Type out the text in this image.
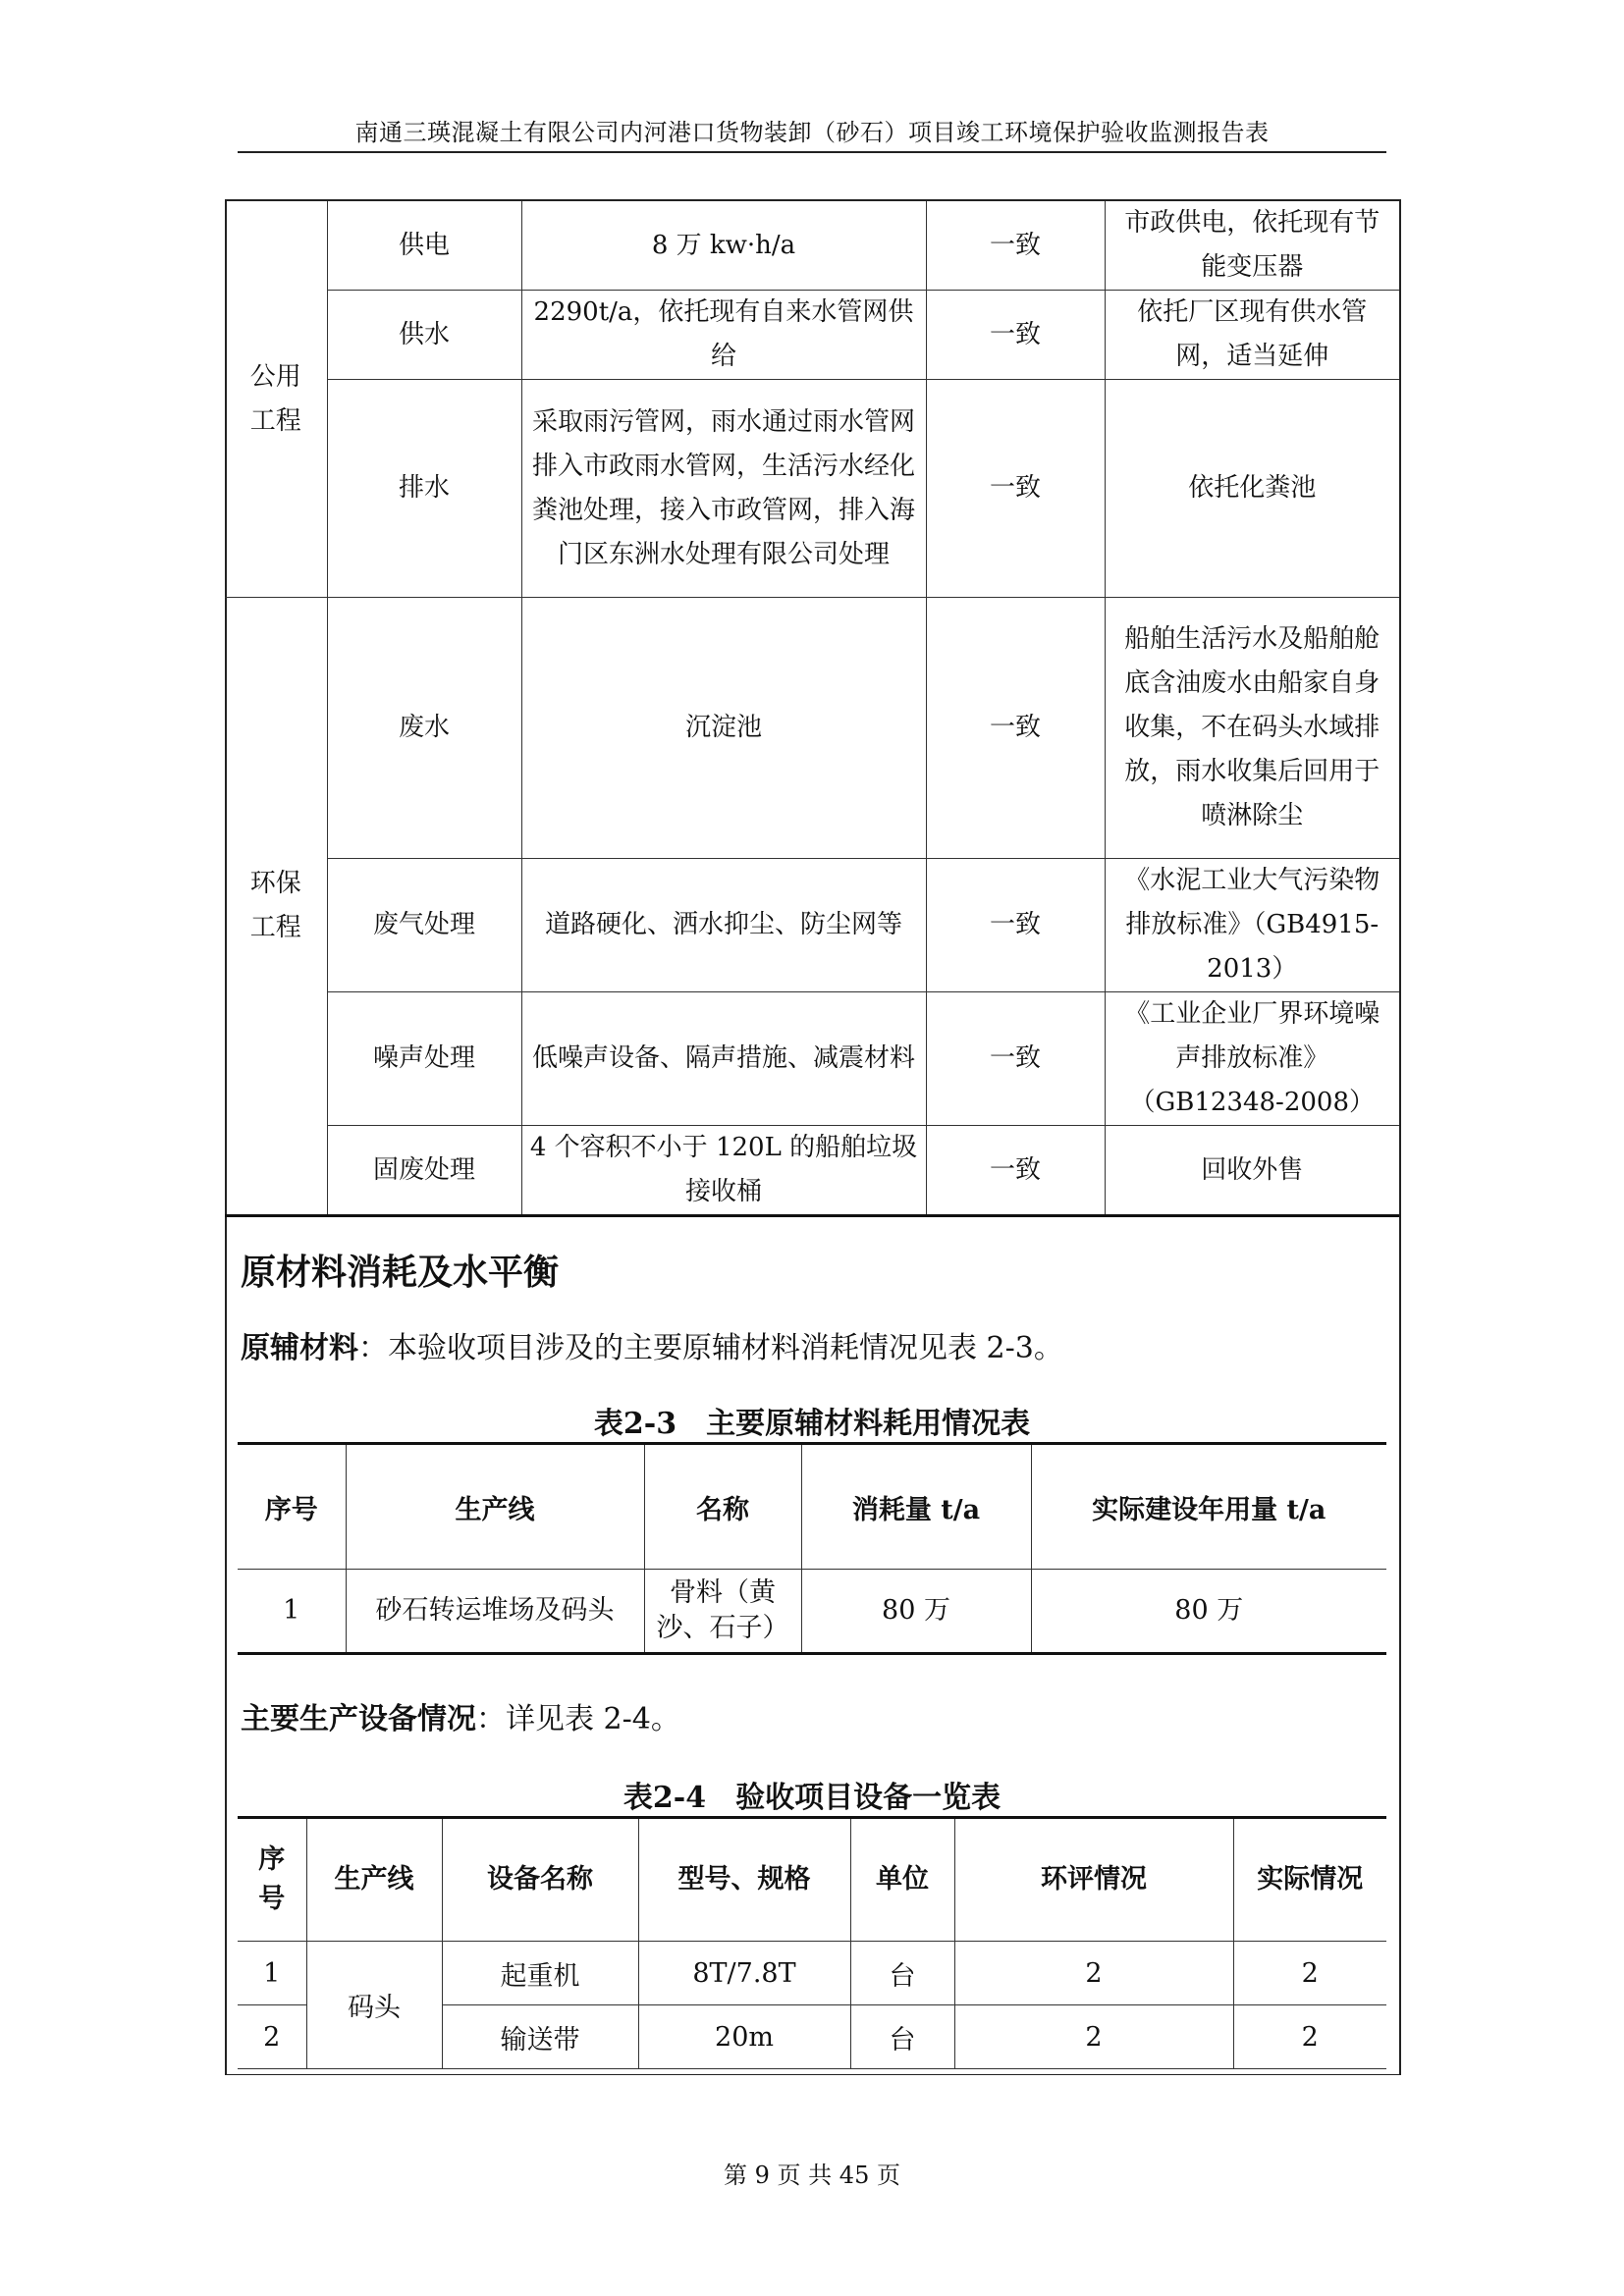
南通三瑛混凝土有限公司内河港口货物装卸（砂石）项目竣工环境保护验收监测报告表
公用
工程	供电	8 万 kw·h/a	一致	市政供电，依托现有节能变压器
	供水	2290t/a，依托现有自来水管网供给	一致	依托厂区现有供水管网，适当延伸
	排水	采取雨污管网，雨水通过雨水管网排入市政雨水管网，生活污水经化粪池处理，接入市政管网，排入海门区东洲水处理有限公司处理	一致	依托化粪池
环保
工程	废水	沉淀池	一致	船舶生活污水及船舶舱底含油废水由船家自身收集，不在码头水域排放，雨水收集后回用于喷淋除尘
	废气处理	道路硬化、洒水抑尘、防尘网等	一致	《水泥工业大气污染物排放标准》（GB4915-2013）
	噪声处理	低噪声设备、隔声措施、减震材料	一致	《工业企业厂界环境噪声排放标准》（GB12348-2008）
	固废处理	4 个容积不小于 120L 的船舶垃圾接收桶	一致	回收外售
原材料消耗及水平衡
原辅材料：本验收项目涉及的主要原辅材料消耗情况见表 2-3。
表2-3　主要原辅材料耗用情况表
序号	生产线	名称	消耗量 t/a	实际建设年用量 t/a
1	砂石转运堆场及码头	骨料（黄沙、石子）	80 万	80 万
主要生产设备情况：详见表 2-4。
表2-4　验收项目设备一览表
序号	生产线	设备名称	型号、规格	单位	环评情况	实际情况
1	码头	起重机	8T/7.8T	台	2	2
2		输送带	20m	台	2	2
第 9 页 共 45 页
